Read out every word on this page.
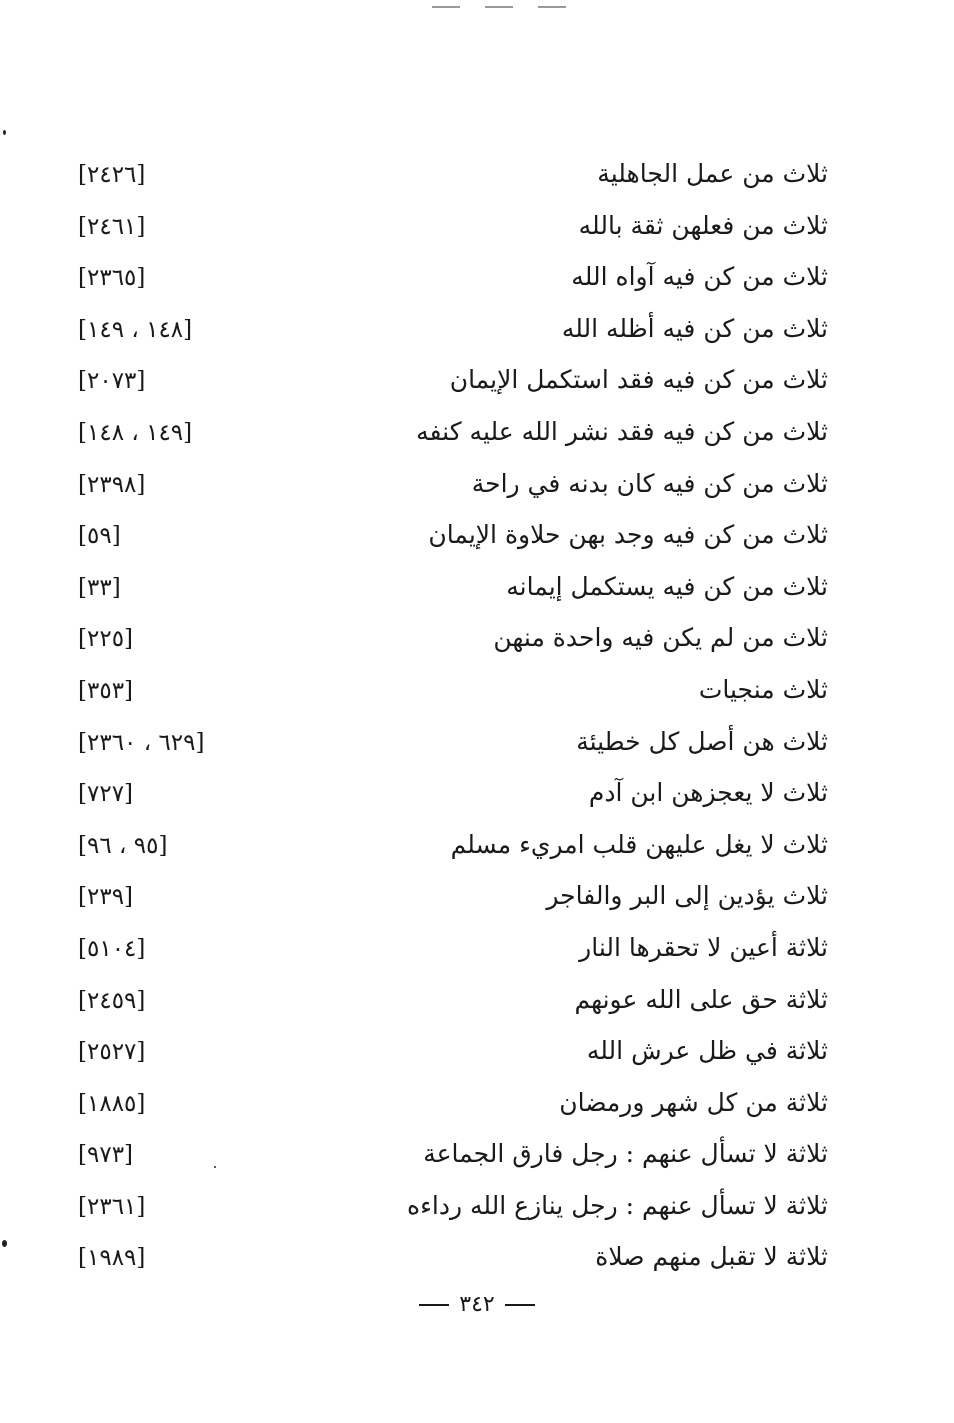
ثلاث من عمل الجاهلية
[٢٤٢٦]
ثلاث من فعلهن ثقة بالله
[٢٤٦١]
ثلاث من كن فيه آواه الله
[٢٣٦٥]
ثلاث من كن فيه أظله الله
[١٤٨ ، ١٤٩]
ثلاث من كن فيه فقد استكمل الإيمان
[٢٠٧٣]
ثلاث من كن فيه فقد نشر الله عليه كنفه
[١٤٩ ، ١٤٨]
ثلاث من كن فيه كان بدنه في راحة
[٢٣٩٨]
ثلاث من كن فيه وجد بهن حلاوة الإيمان
[٥٩]
ثلاث من كن فيه يستكمل إيمانه
[٣٣]
ثلاث من لم يكن فيه واحدة منهن
[٢٢٥]
ثلاث منجيات
[٣٥٣]
ثلاث هن أصل كل خطيئة
[٦٢٩ ، ٢٣٦٠]
ثلاث لا يعجزهن ابن آدم
[٧٢٧]
ثلاث لا يغل عليهن قلب امريء مسلم
[٩٥ ، ٩٦]
ثلاث يؤدين إلى البر والفاجر
[٢٣٩]
ثلاثة أعين لا تحقرها النار
[٥١٠٤]
ثلاثة حق على الله عونهم
[٢٤٥٩]
ثلاثة في ظل عرش الله
[٢٥٢٧]
ثلاثة من كل شهر ورمضان
[١٨٨٥]
ثلاثة لا تسأل عنهم : رجل فارق الجماعة
[٩٧٣]
ثلاثة لا تسأل عنهم : رجل ينازع الله رداءه
[٢٣٦١]
ثلاثة لا تقبل منهم صلاة
[١٩٨٩]
٣٤٢
